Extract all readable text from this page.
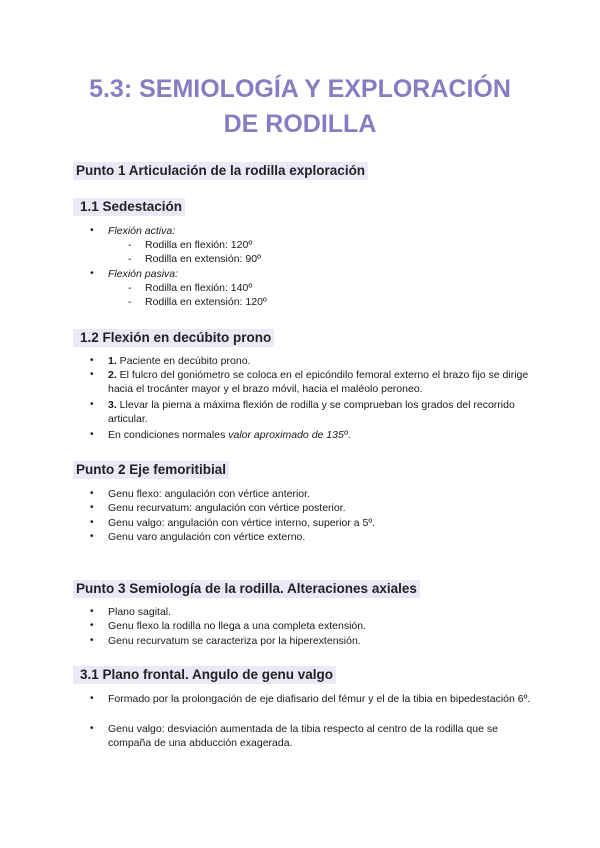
5.3: SEMIOLOGÍA Y EXPLORACIÓN
DE RODILLA
Punto 1 Articulación de la rodilla exploración
1.1 Sedestación
• Flexión activa:
- Rodilla en flexión: 120º
- Rodilla en extensión: 90º
• Flexión pasiva:
- Rodilla en flexión: 140º
- Rodilla en extensión: 120º
1.2 Flexión en decúbito prono
• 1. Paciente en decúbito prono.
• 2. El fulcro del goniómetro se coloca en el epicóndilo femoral externo el brazo fijo se dirige hacia el trocánter mayor y el brazo móvil, hacia el maléolo peroneo.
• 3. Llevar la pierna a máxima flexión de rodilla y se comprueban los grados del recorrido articular.
• En condiciones normales valor aproximado de 135º.
Punto 2 Eje femoritibial
• Genu flexo: angulación con vértice anterior.
• Genu recurvatum: angulación con vértice posterior.
• Genu valgo: angulación con vértice interno, superior a 5º.
• Genu varo angulación con vértice externo.
Punto 3 Semiología de la rodilla. Alteraciones axiales
• Plano sagital.
• Genu flexo la rodilla no llega a una completa extensión.
• Genu recurvatum se caracteriza por la hiperextensión.
3.1 Plano frontal. Angulo de genu valgo
• Formado por la prolongación de eje diafisario del fémur y el de la tibia en bipedestación 6º.
• Genu valgo: desviación aumentada de la tibia respecto al centro de la rodilla que se compaña de una abducción exagerada.
